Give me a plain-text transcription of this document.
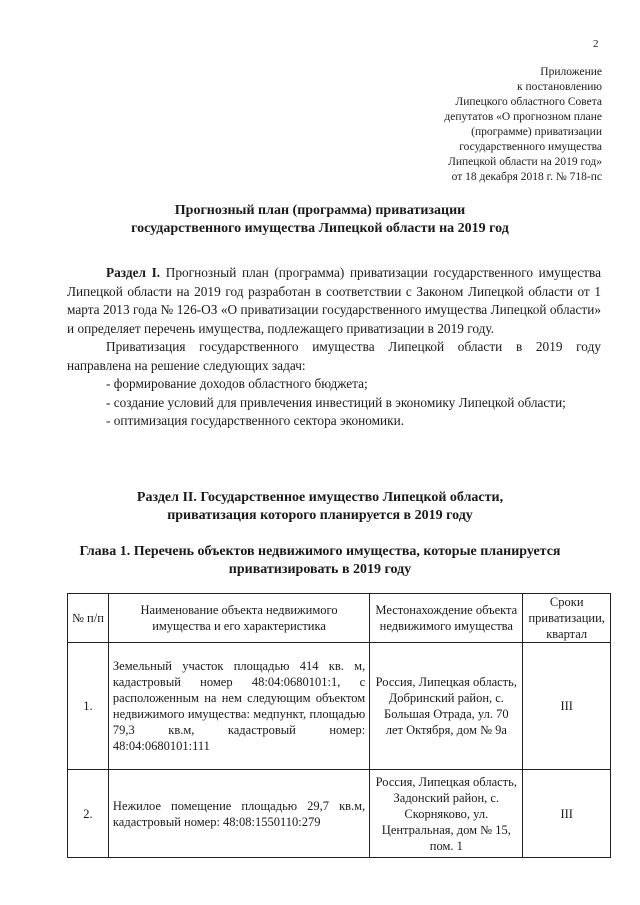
2
Приложение
к постановлению
Липецкого областного Совета
депутатов «О прогнозном плане
(программе) приватизации
государственного имущества
Липецкой области на 2019 год»
от 18 декабря 2018 г. № 718-пс
Прогнозный план (программа) приватизации
государственного имущества Липецкой области на 2019 год

Раздел I. Прогнозный план (программа) приватизации государственного имущества Липецкой области на 2019 год разработан в соответствии с Законом Липецкой области от 1 марта 2013 года № 126-ОЗ «О приватизации государственного имущества Липецкой области» и определяет перечень имущества, подлежащего приватизации в 2019 году.

Приватизация государственного имущества Липецкой области в 2019 году

направлена на решение следующих задач:

- формирование доходов областного бюджета;

- создание условий для привлечения инвестиций в экономику Липецкой области;

- оптимизация государственного сектора экономики.

Раздел II. Государственное имущество Липецкой области,
приватизация которого планируется в 2019 году
Глава 1. Перечень объектов недвижимого имущества, которые планируется
приватизировать в 2019 году
№ п/п	Наименование объекта недвижимого имущества и его характеристика	Местонахождение объекта недвижимого имущества	Сроки приватизации, квартал
1.	Земельный участок площадью 414 кв. м, кадастровый номер 48:04:0680101:1, с расположенным на нем следующим объектом недвижимого имущества: медпункт, площадью 79,3 кв.м, кадастровый номер: 48:04:0680101:111	Россия, Липецкая область, Добринский район, с. Большая Отрада, ул. 70 лет Октября, дом № 9а	III
2.	Нежилое помещение площадью 29,7 кв.м, кадастровый номер: 48:08:1550110:279	Россия, Липецкая область, Задонский район, с. Скорняково, ул. Центральная, дом № 15, пом. 1	III
